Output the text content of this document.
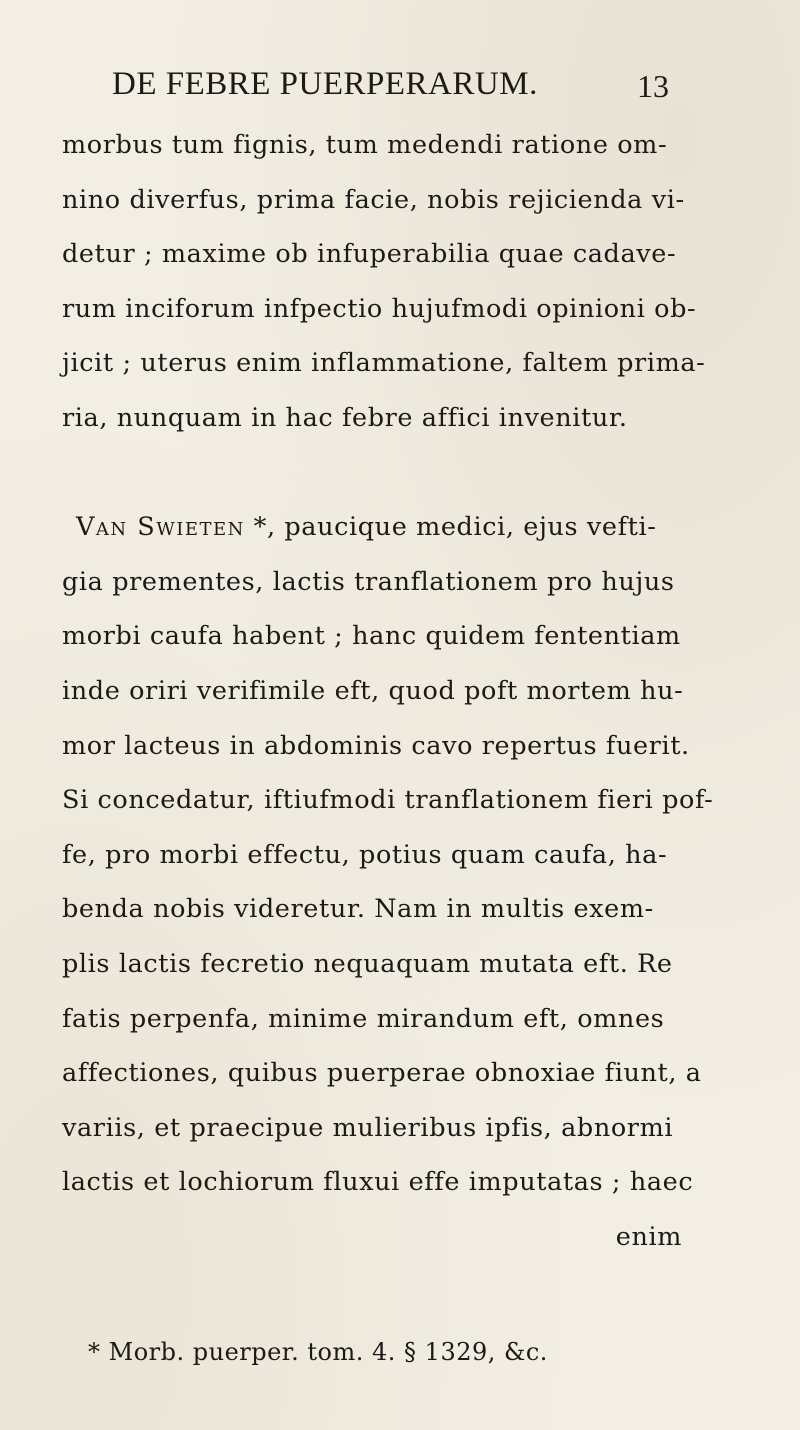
DE FEBRE PUERPERARUM.	13
morbus tum fignis, tum medendi ratione om-
nino diverfus, prima facie, nobis rejicienda vi-
detur ; maxime ob infuperabilia quae cadave-
rum inciforum infpectio hujufmodi opinioni ob-
jicit ; uterus enim inflammatione, faltem prima-
ria, nunquam in hac febre affici invenitur.
Van Swieten *, paucique medici, ejus vefti-
gia prementes, lactis tranflationem pro hujus
morbi caufa habent ; hanc quidem fententiam
inde oriri verifimile eft, quod poft mortem hu-
mor lacteus in abdominis cavo repertus fuerit.
Si concedatur, iftiufmodi tranflationem fieri pof-
fe, pro morbi effectu, potius quam caufa, ha-
benda nobis videretur. Nam in multis exem-
plis lactis fecretio nequaquam mutata eft. Re
fatis perpenfa, minime mirandum eft, omnes
affectiones, quibus puerperae obnoxiae fiunt, a
variis, et praecipue mulieribus ipfis, abnormi
lactis et lochiorum fluxui effe imputatas ; haec
enim
* Morb. puerper. tom. 4. § 1329, &c.
